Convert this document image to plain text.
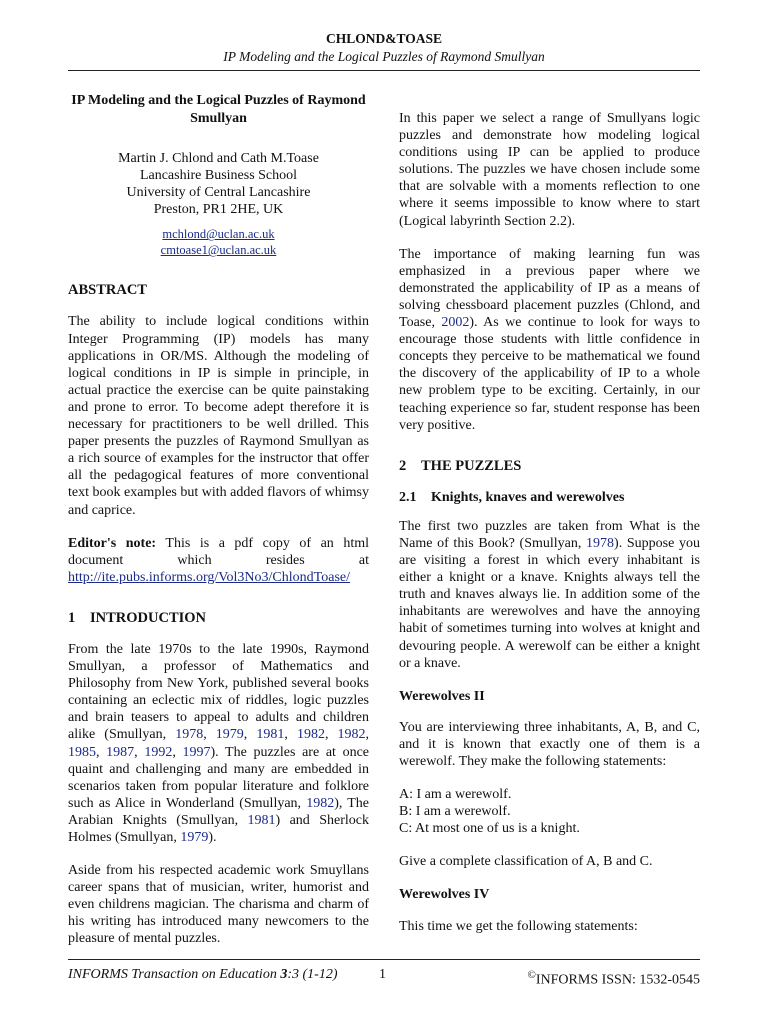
CHLOND&TOASE
IP Modeling and the Logical Puzzles of Raymond Smullyan

IP Modeling and the Logical Puzzles of Raymond Smullyan

Martin J. Chlond and Cath M.Toase

Lancashire Business School

University of Central Lancashire

Preston, PR1 2HE, UK

mchlond@uclan.ac.uk
cmtoase1@uclan.ac.uk

ABSTRACT

The ability to include logical conditions within Integer Programming (IP) models has many applications in OR/MS. Although the modeling of logical conditions in IP is simple in principle, in actual practice the exercise can be quite painstaking and prone to error. To become adept therefore it is necessary for practitioners to be well drilled. This paper presents the puzzles of Raymond Smullyan as a rich source of examples for the instructor that offer all the pedagogical features of more conventional text book examples but with added flavors of whimsy and caprice.

Editor's note: This is a pdf copy of an html document which resides at http://ite.pubs.informs.org/Vol3No3/ChlondToase/

1 INTRODUCTION

From the late 1970s to the late 1990s, Raymond Smullyan, a professor of Mathematics and Philosophy from New York, published several books containing an eclectic mix of riddles, logic puzzles and brain teasers to appeal to adults and children alike (Smullyan, 1978, 1979, 1981, 1982, 1982, 1985, 1987, 1992, 1997). The puzzles are at once quaint and challenging and many are embedded in scenarios taken from popular literature and folklore such as Alice in Wonderland (Smullyan, 1982), The Arabian Knights (Smullyan, 1981) and Sherlock Holmes (Smullyan, 1979).

Aside from his respected academic work Smuyllans career spans that of musician, writer, humorist and even childrens magician. The charisma and charm of his writing has introduced many newcomers to the pleasure of mental puzzles.

In this paper we select a range of Smullyans logic puzzles and demonstrate how modeling logical conditions using IP can be applied to produce solutions. The puzzles we have chosen include some that are solvable with a moments reflection to one where it seems impossible to know where to start (Logical labyrinth Section 2.2).

The importance of making learning fun was emphasized in a previous paper where we demonstrated the applicability of IP as a means of solving chessboard placement puzzles (Chlond, and Toase, 2002). As we continue to look for ways to encourage those students with little confidence in concepts they perceive to be mathematical we found the discovery of the applicability of IP to a whole new problem type to be exciting. Certainly, in our teaching experience so far, student response has been very positive.

2 THE PUZZLES

2.1 Knights, knaves and werewolves

The first two puzzles are taken from What is the Name of this Book? (Smullyan, 1978). Suppose you are visiting a forest in which every inhabitant is either a knight or a knave. Knights always tell the truth and knaves always lie. In addition some of the inhabitants are werewolves and have the annoying habit of sometimes turning into wolves at knight and devouring people. A werewolf can be either a knight or a knave.

Werewolves II

You are interviewing three inhabitants, A, B, and C, and it is known that exactly one of them is a werewolf. They make the following statements:

A: I am a werewolf.

B: I am a werewolf.

C: At most one of us is a knight.

Give a complete classification of A, B and C.

Werewolves IV

This time we get the following statements:

INFORMS Transaction on Education 3:3 (1-12)	1	©INFORMS ISSN: 1532-0545
